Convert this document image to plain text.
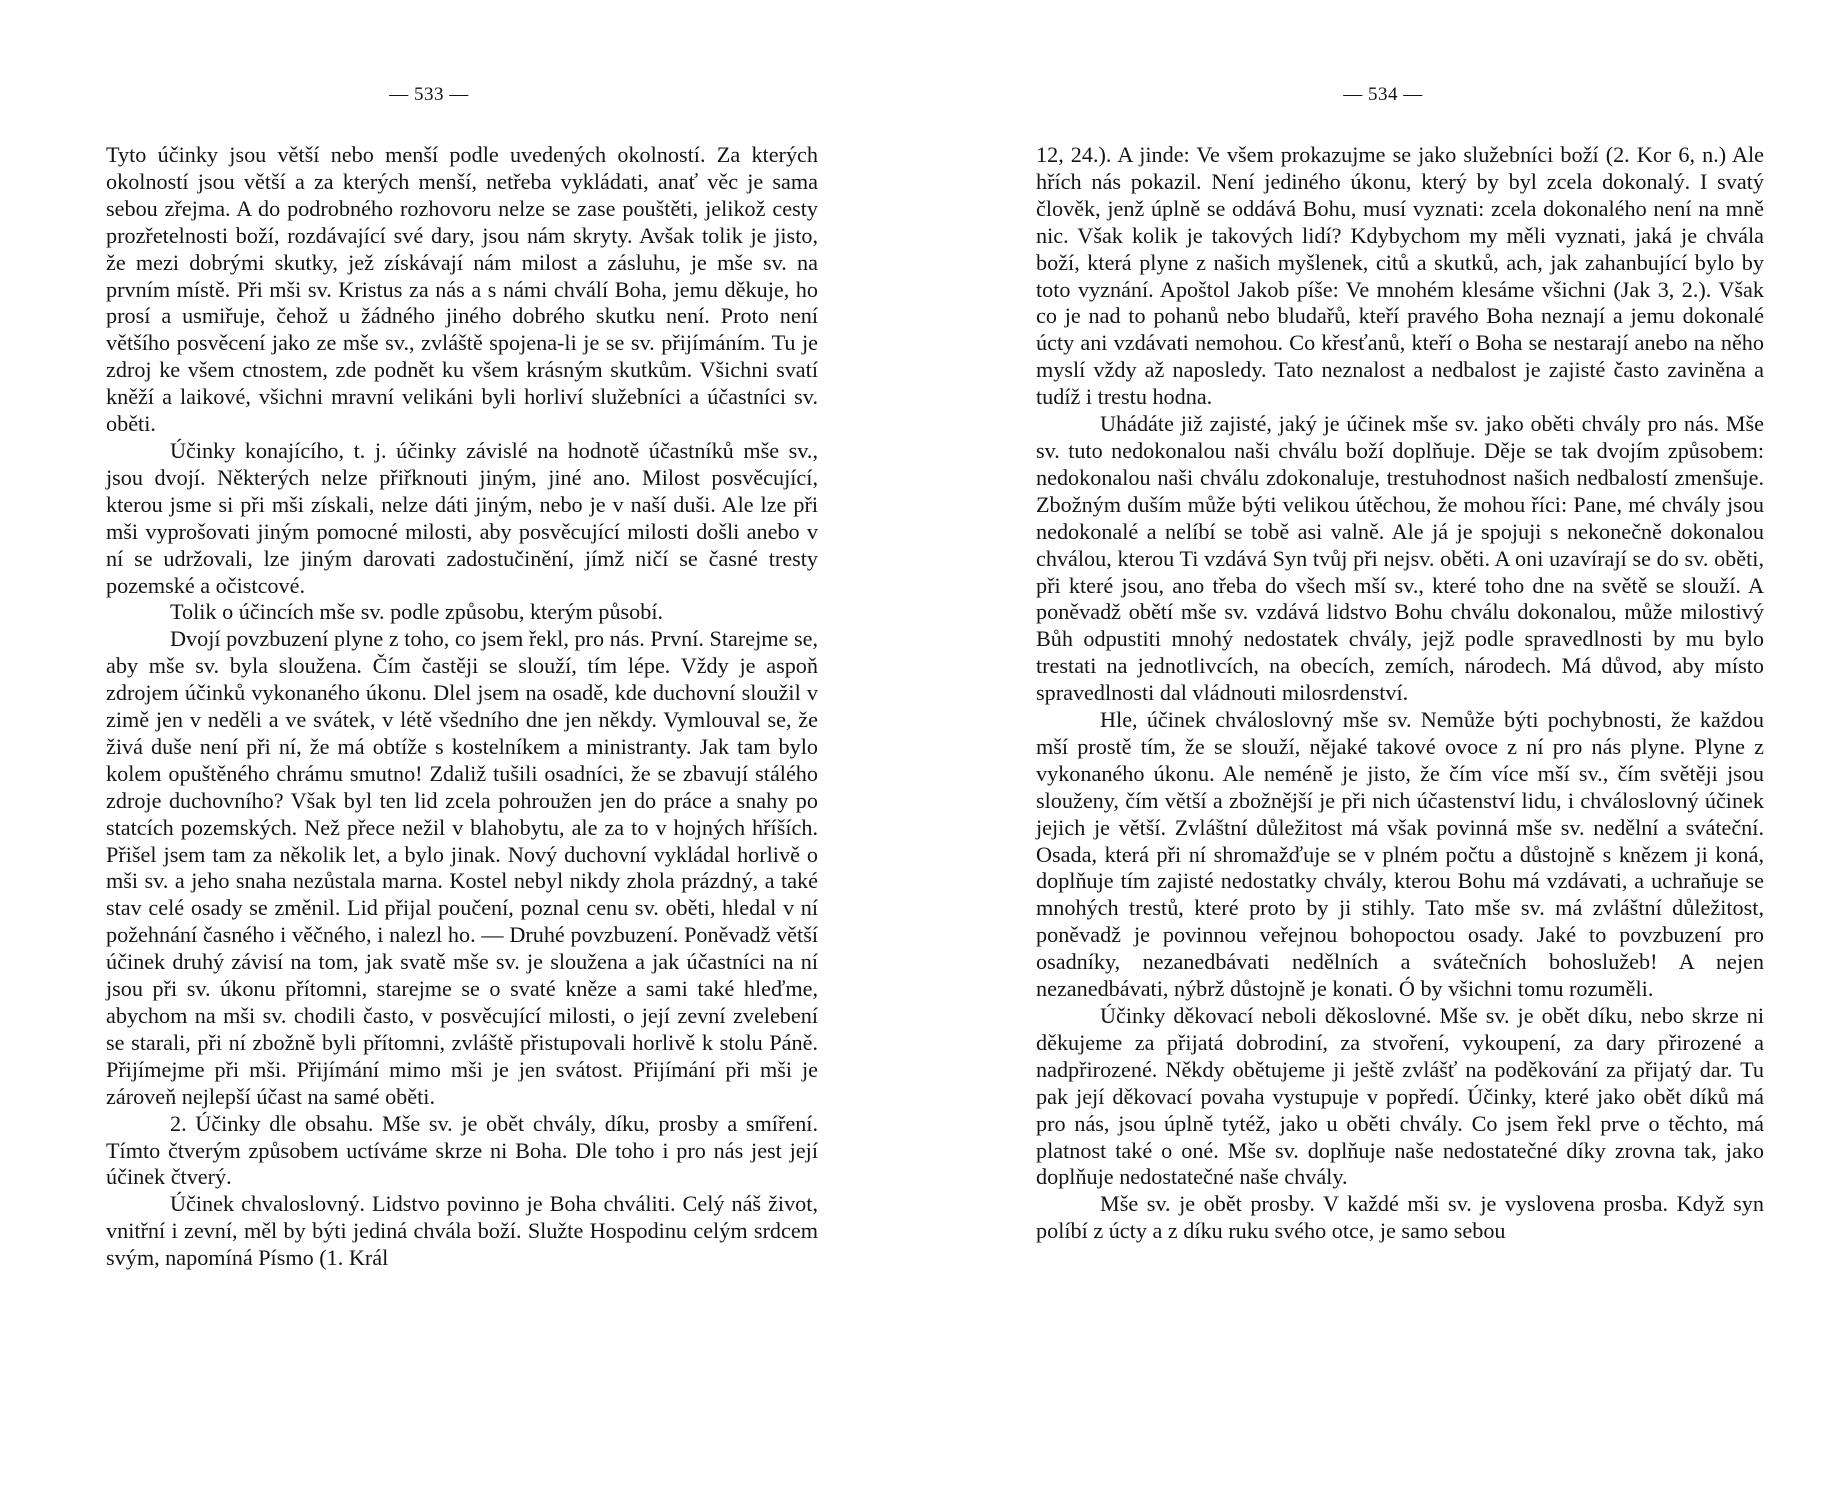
— 533 —

Tyto účinky jsou větší nebo menší podle uvedených okolností. Za kterých okolností jsou větší a za kterých menší, netřeba vykládati, anať věc je sama sebou zřejma. A do podrobného rozhovoru nelze se zase pouštěti, jelikož cesty prozřetelnosti boží, rozdávající své dary, jsou nám skryty. Avšak tolik je jisto, že mezi dobrými skutky, jež získávají nám milost a zásluhu, je mše sv. na prvním místě. Při mši sv. Kristus za nás a s námi chválí Boha, jemu děkuje, ho prosí a usmiřuje, čehož u žádného jiného dobrého skutku není. Proto není většího posvěcení jako ze mše sv., zvláště spojena-li je se sv. přijímáním. Tu je zdroj ke všem ctnostem, zde podnět ku všem krásným skutkům. Všichni svatí kněží a laikové, všichni mravní velikáni byli horliví služebníci a účastníci sv. oběti.

Účinky konajícího, t. j. účinky závislé na hodnotě účastníků mše sv., jsou dvojí. Některých nelze přiřknouti jiným, jiné ano. Milost posvěcující, kterou jsme si při mši získali, nelze dáti jiným, nebo je v naší duši. Ale lze při mši vyprošovati jiným pomocné milosti, aby posvěcující milosti došli anebo v ní se udržovali, lze jiným darovati zadostučinění, jímž ničí se časné tresty pozemské a očistcové.

Tolik o účincích mše sv. podle způsobu, kterým působí.

Dvojí povzbuzení plyne z toho, co jsem řekl, pro nás. První. Starejme se, aby mše sv. byla sloužena. Čím častěji se slouží, tím lépe. Vždy je aspoň zdrojem účinků vykonaného úkonu. Dlel jsem na osadě, kde duchovní sloužil v zimě jen v neděli a ve svátek, v létě všedního dne jen někdy. Vymlouval se, že živá duše není při ní, že má obtíže s kostelníkem a ministranty. Jak tam bylo kolem opuštěného chrámu smutno! Zdaliž tušili osadníci, že se zbavují stálého zdroje duchovního? Však byl ten lid zcela pohroužen jen do práce a snahy po statcích pozemských. Než přece nežil v blahobytu, ale za to v hojných hříších. Přišel jsem tam za několik let, a bylo jinak. Nový duchovní vykládal horlivě o mši sv. a jeho snaha nezůstala marna. Kostel nebyl nikdy zhola prázdný, a také stav celé osady se změnil. Lid přijal poučení, poznal cenu sv. oběti, hledal v ní požehnání časného i věčného, i nalezl ho. — Druhé povzbuzení. Poněvadž větší účinek druhý závisí na tom, jak svatě mše sv. je sloužena a jak účastníci na ní jsou při sv. úkonu přítomni, starejme se o svaté kněze a sami také hleďme, abychom na mši sv. chodili často, v posvěcující milosti, o její zevní zvelebení se starali, při ní zbožně byli přítomni, zvláště přistupovali horlivě k stolu Páně. Přijímejme při mši. Přijímání mimo mši je jen svátost. Přijímání při mši je zároveň nejlepší účast na samé oběti.

2. Účinky dle obsahu. Mše sv. je obět chvály, díku, prosby a smíření. Tímto čtverým způsobem uctíváme skrze ni Boha. Dle toho i pro nás jest její účinek čtverý.

Účinek chvaloslovný. Lidstvo povinno je Boha chváliti. Celý náš život, vnitřní i zevní, měl by býti jediná chvála boží. Služte Hospodinu celým srdcem svým, napomíná Písmo (1. Král

— 534 —

12, 24.). A jinde: Ve všem prokazujme se jako služebníci boží (2. Kor 6, n.) Ale hřích nás pokazil. Není jediného úkonu, který by byl zcela dokonalý. I svatý člověk, jenž úplně se oddává Bohu, musí vyznati: zcela dokonalého není na mně nic. Však kolik je takových lidí? Kdybychom my měli vyznati, jaká je chvála boží, která plyne z našich myšlenek, citů a skutků, ach, jak zahanbující bylo by toto vyznání. Apoštol Jakob píše: Ve mnohém klesáme všichni (Jak 3, 2.). Však co je nad to pohanů nebo bludařů, kteří pravého Boha neznají a jemu dokonalé úcty ani vzdávati nemohou. Co křesťanů, kteří o Boha se nestarají anebo na něho myslí vždy až naposledy. Tato neznalost a nedbalost je zajisté často zaviněna a tudíž i trestu hodna.

Uhádáte již zajisté, jaký je účinek mše sv. jako oběti chvály pro nás. Mše sv. tuto nedokonalou naši chválu boží doplňuje. Děje se tak dvojím způsobem: nedokonalou naši chválu zdokonaluje, trestuhodnost našich nedbalostí zmenšuje. Zbožným duším může býti velikou útěchou, že mohou říci: Pane, mé chvály jsou nedokonalé a nelíbí se tobě asi valně. Ale já je spojuji s nekonečně dokonalou chválou, kterou Ti vzdává Syn tvůj při nejsv. oběti. A oni uzavírají se do sv. oběti, při které jsou, ano třeba do všech mší sv., které toho dne na světě se slouží. A poněvadž obětí mše sv. vzdává lidstvo Bohu chválu dokonalou, může milostivý Bůh odpustiti mnohý nedostatek chvály, jejž podle spravedlnosti by mu bylo trestati na jednotlivcích, na obecích, zemích, národech. Má důvod, aby místo spravedlnosti dal vládnouti milosrdenství.

Hle, účinek chváloslovný mše sv. Nemůže býti pochybnosti, že každou mší prostě tím, že se slouží, nějaké takové ovoce z ní pro nás plyne. Plyne z vykonaného úkonu. Ale neméně je jisto, že čím více mší sv., čím světěji jsou slouženy, čím větší a zbožnější je při nich účastenství lidu, i chváloslovný účinek jejich je větší. Zvláštní důležitost má však povinná mše sv. nedělní a sváteční. Osada, která při ní shromažďuje se v plném počtu a důstojně s knězem ji koná, doplňuje tím zajisté nedostatky chvály, kterou Bohu má vzdávati, a uchraňuje se mnohých trestů, které proto by ji stihly. Tato mše sv. má zvláštní důležitost, poněvadž je povinnou veřejnou bohopoctou osady. Jaké to povzbuzení pro osadníky, nezanedbávati nedělních a svátečních bohoslužeb! A nejen nezanedbávati, nýbrž důstojně je konati. Ó by všichni tomu rozuměli.

Účinky děkovací neboli děkoslovné. Mše sv. je obět díku, nebo skrze ni děkujeme za přijatá dobrodiní, za stvoření, vykoupení, za dary přirozené a nadpřirozené. Někdy obětujeme ji ještě zvlášť na poděkování za přijatý dar. Tu pak její děkovací povaha vystupuje v popředí. Účinky, které jako obět díků má pro nás, jsou úplně tytéž, jako u oběti chvály. Co jsem řekl prve o těchto, má platnost také o oné. Mše sv. doplňuje naše nedostatečné díky zrovna tak, jako doplňuje nedostatečné naše chvály.

Mše sv. je obět prosby. V každé mši sv. je vyslovena prosba. Když syn políbí z úcty a z díku ruku svého otce, je samo sebou
